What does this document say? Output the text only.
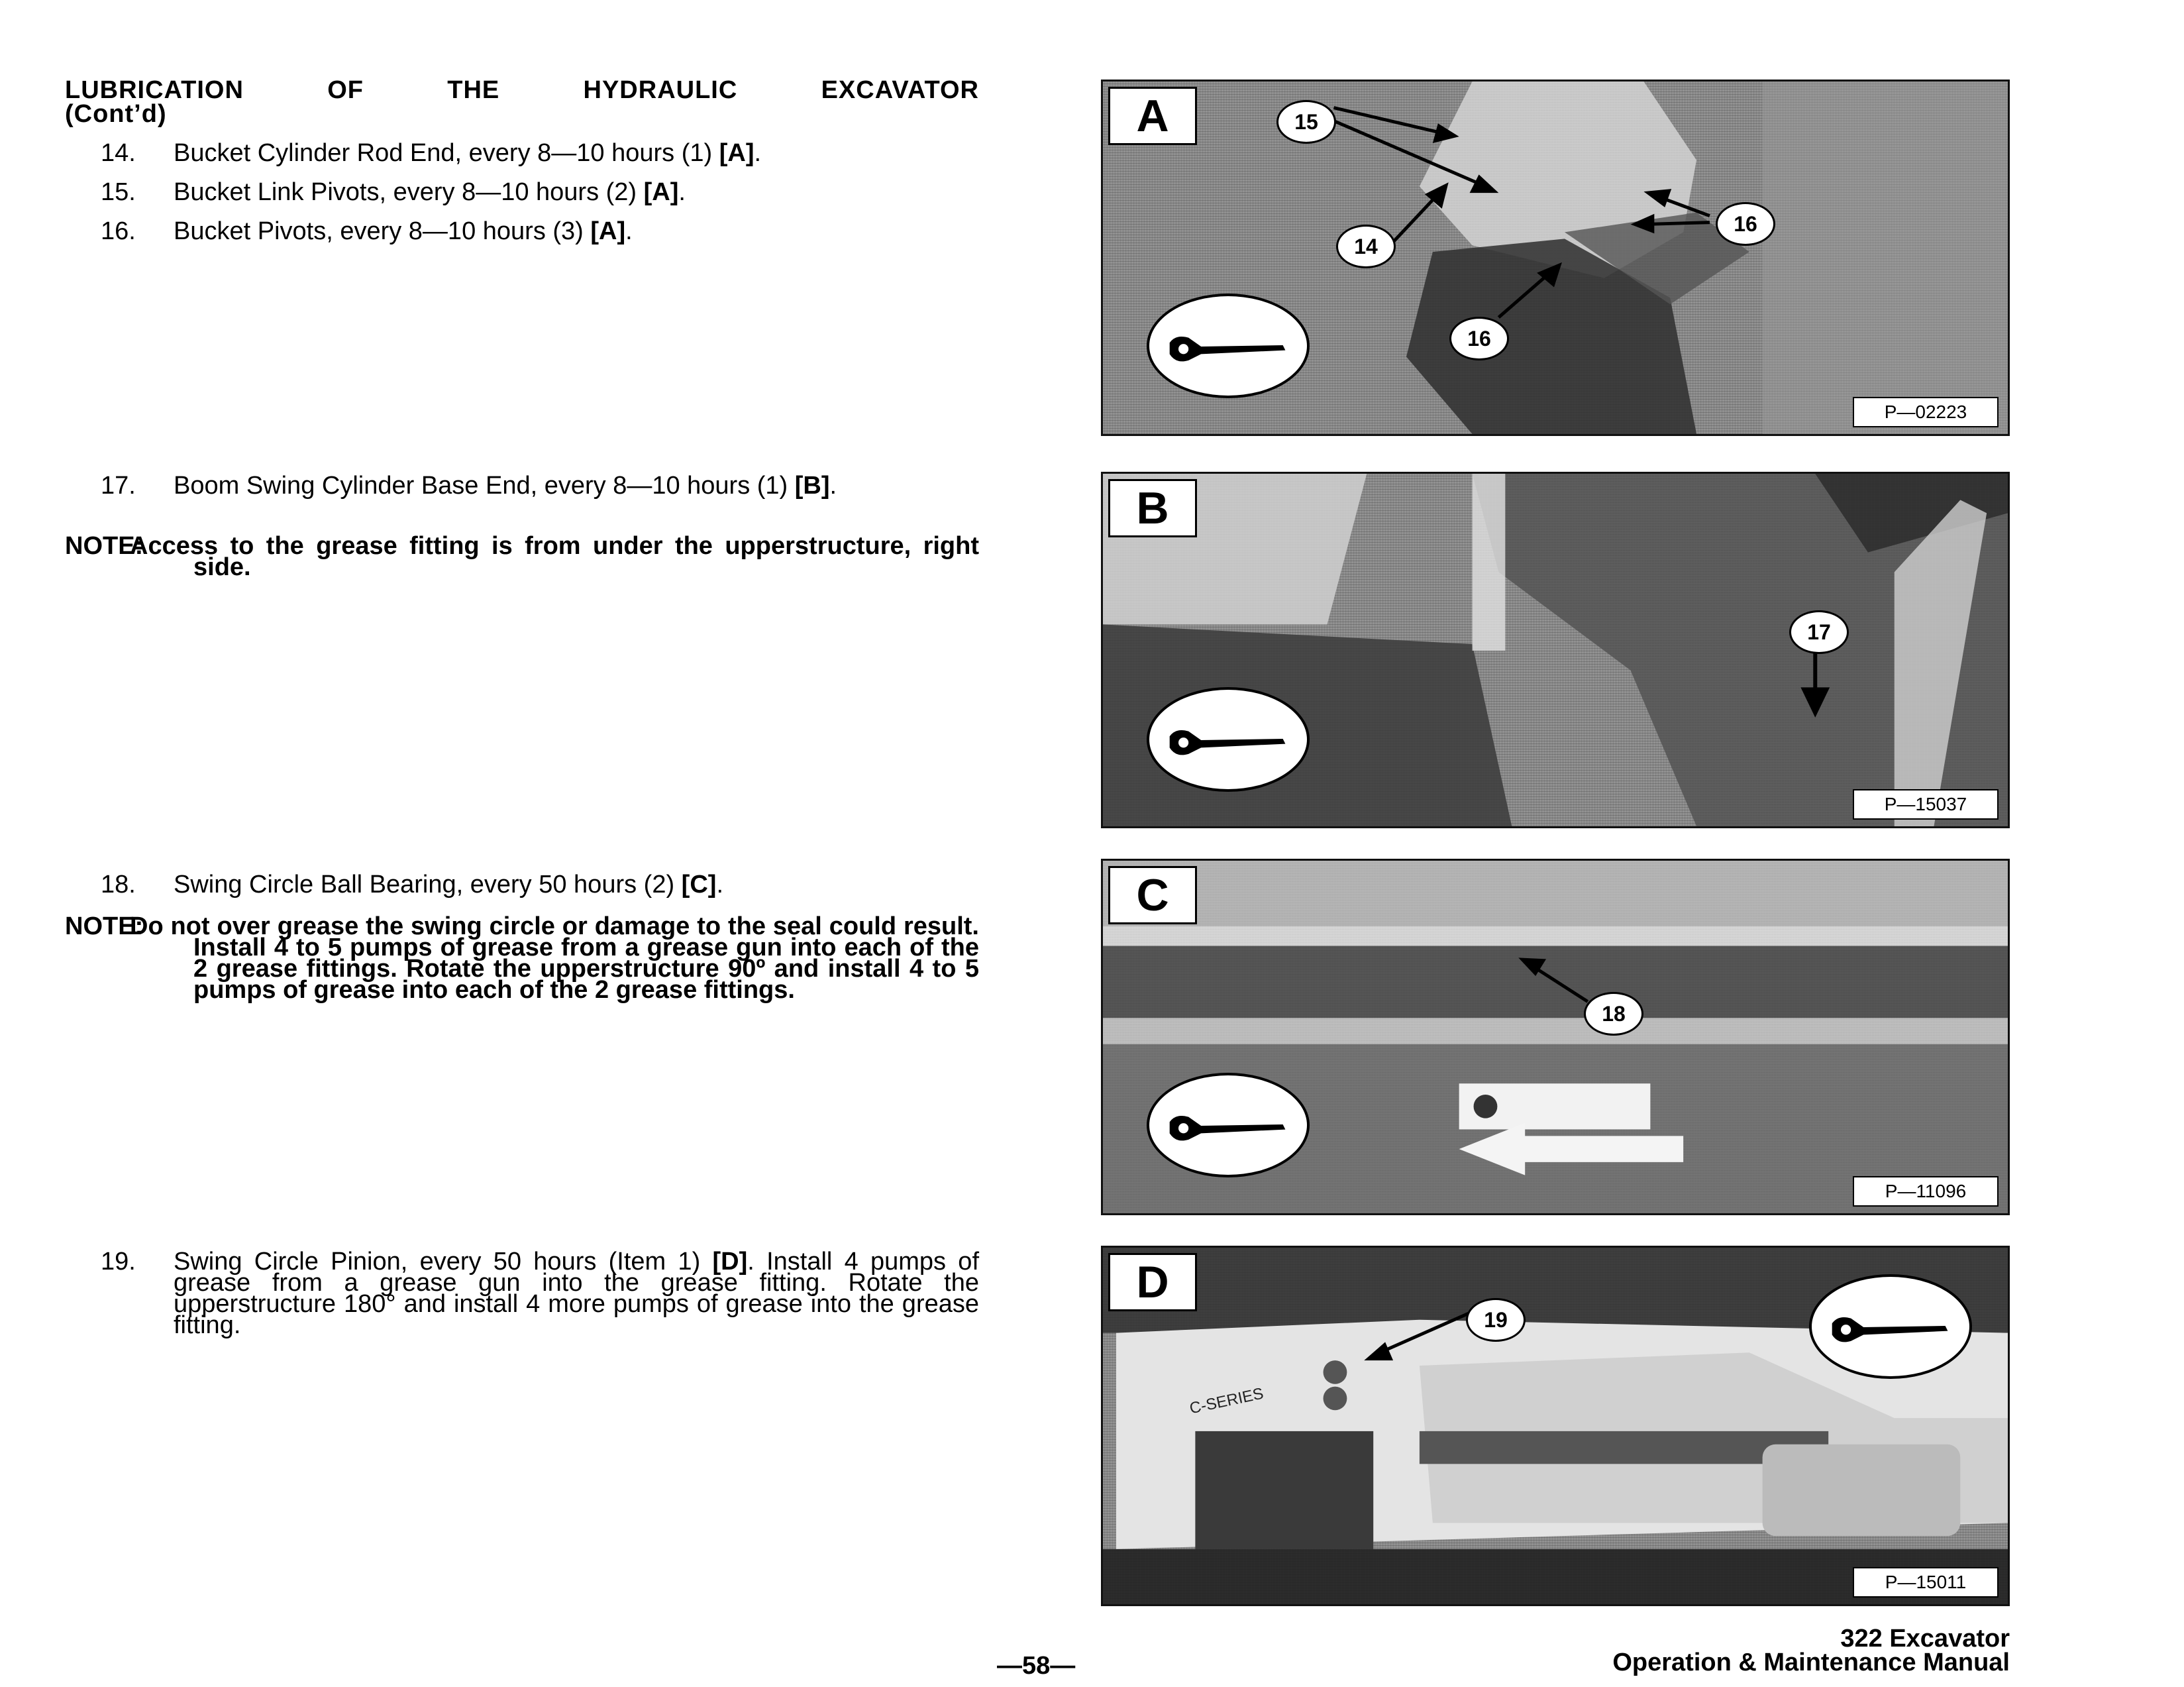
LUBRICATION	OF	THE	HYDRAULIC	EXCAVATOR
(Cont’d)
14. Bucket Cylinder Rod End, every 8—10 hours (1) [A].
15. Bucket Link Pivots, every 8—10 hours (2) [A].
16. Bucket Pivots, every 8—10 hours (3) [A].
17. Boom Swing Cylinder Base End, every 8—10 hours (1) [B].
NOTE:
Access to the grease fitting is from under the upperstructure, right side.
18. Swing Circle Ball Bearing, every 50 hours (2) [C].
NOTE:
Do not over grease the swing circle or damage to the seal could result. Install 4 to 5 pumps of grease from a grease gun into each of the 2 grease fittings. Rotate the upperstructure 90º and install 4 to 5 pumps of grease into each of the 2 grease fittings.
19. Swing Circle Pinion, every 50 hours (Item 1) [D]. Install 4 pumps of grease from a grease gun into the grease fitting. Rotate the upperstructure 180° and install 4 more pumps of grease into the grease fitting.
A	15
14
16
16
P—02223
B
17
P—15037
C
18
P—11096
D
C-SERIES
19
P—15011
—58—
322 Excavator
Operation & Maintenance Manual
